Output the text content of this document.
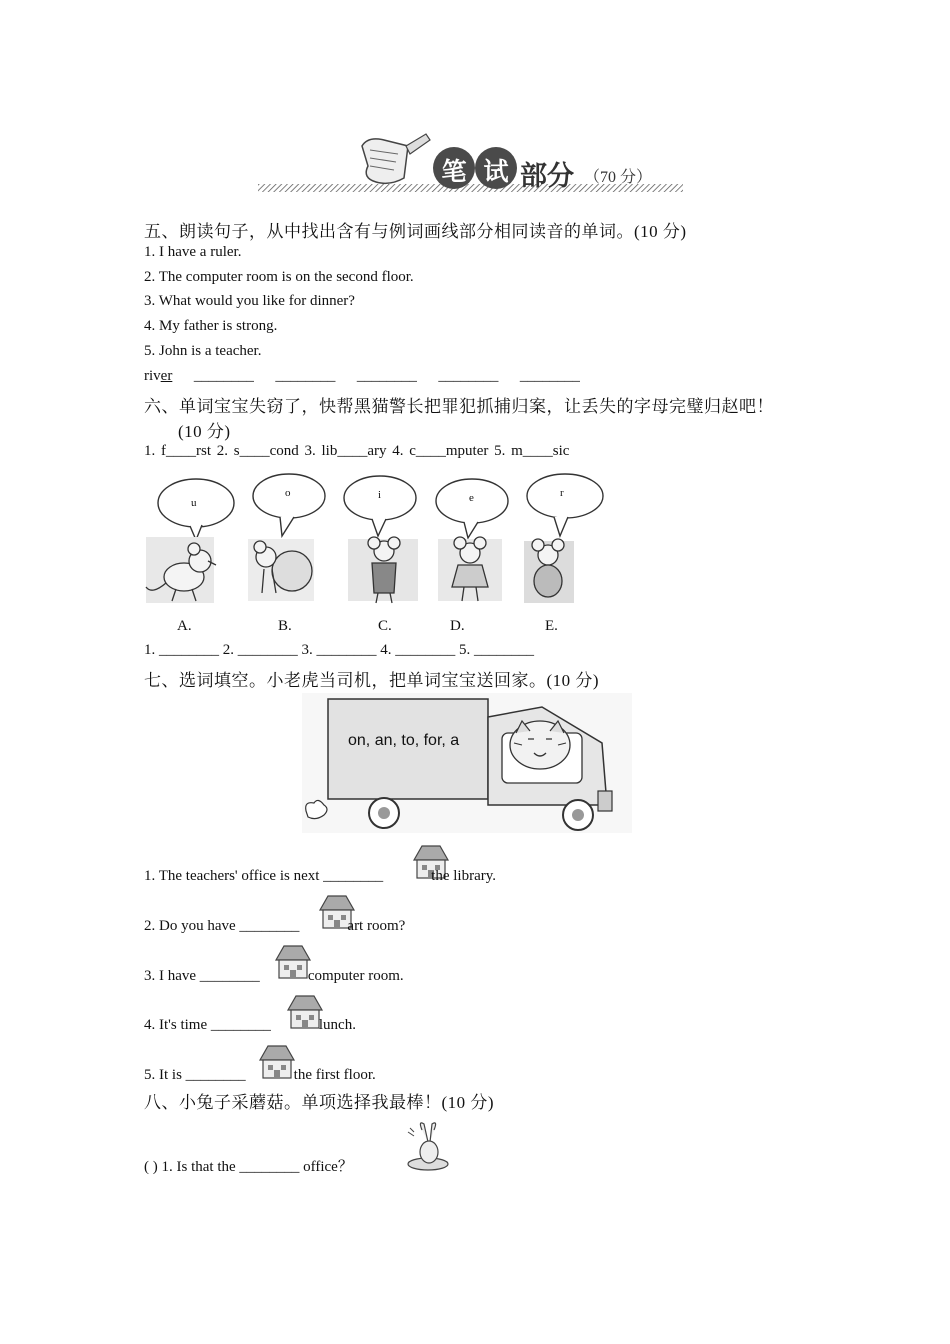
笔 试 部分 （70 分）
五、朗读句子，从中找出含有与例词画线部分相同读音的单词。(10 分)
1. I have a ruler.
2. The computer room is on the second floor.
3. What would you like for dinner?
4. My father is strong.
5. John is a teacher.
river ________ ________ ________ ________ ________
六、单词宝宝失窃了，快帮黑猫警长把罪犯抓捕归案，让丢失的字母完璧归赵吧！
(10 分)
1. f____rst 2. s____cond 3. lib____ary 4. c____mputer 5. m____sic
u
o	i	e	r
A.	B.	C.	D.	E.
1. ________ 2. ________ 3. ________ 4. ________ 5. ________
七、选词填空。小老虎当司机，把单词宝宝送回家。(10 分)
on, an, to, for, a
1. The teachers' office is next ________	the library.
2. Do you have ________	art room?
3. I have ________	computer room.
4. It's time ________	lunch.
5. It is ________	the first floor.
八、小兔子采蘑菇。单项选择我最棒！(10 分)
( ) 1. Is that the ________ office？
